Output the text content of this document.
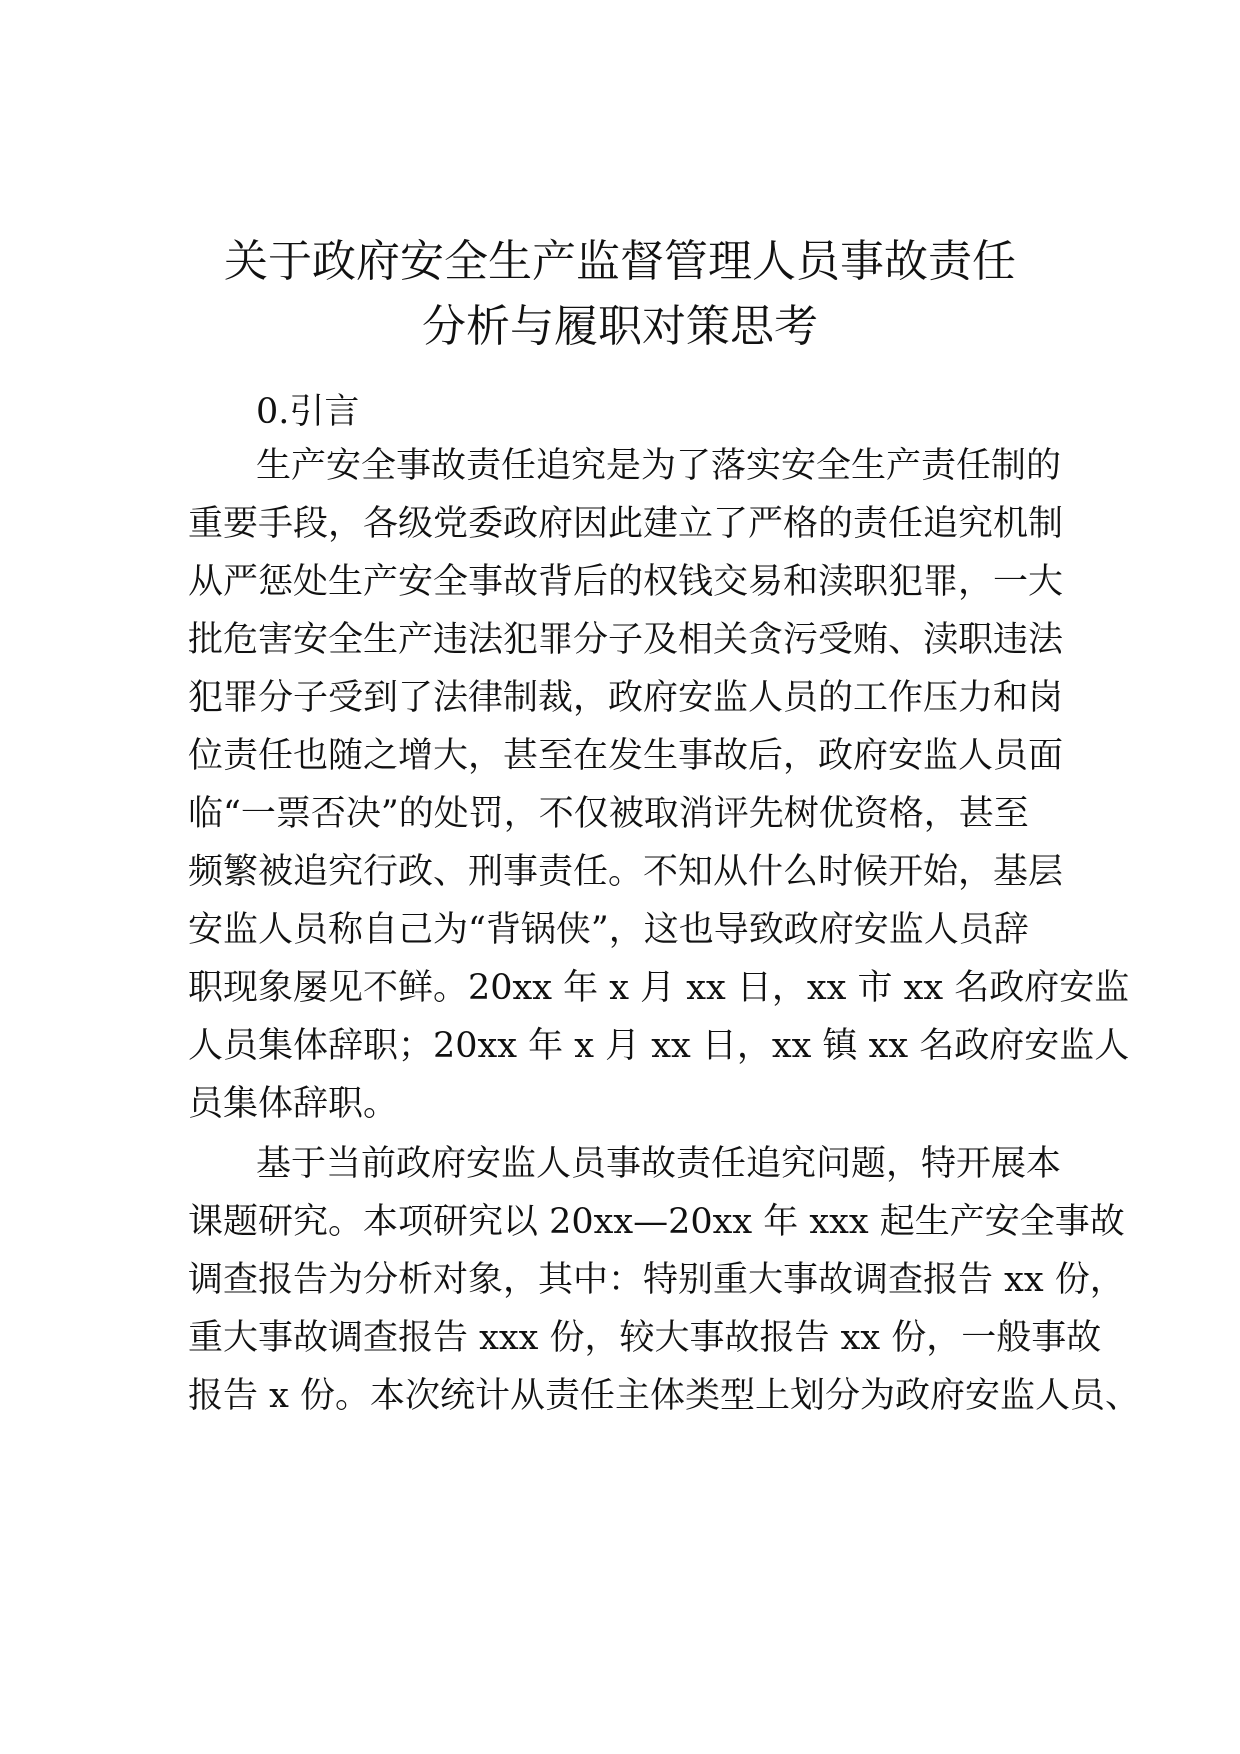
关于政府安全生产监督管理人员事故责任
分析与履职对策思考
0.引言
生产安全事故责任追究是为了落实安全生产责任制的
重要手段，各级党委政府因此建立了严格的责任追究机制
从严惩处生产安全事故背后的权钱交易和渎职犯罪，一大
批危害安全生产违法犯罪分子及相关贪污受贿、渎职违法
犯罪分子受到了法律制裁，政府安监人员的工作压力和岗
位责任也随之增大，甚至在发生事故后，政府安监人员面
临“一票否决”的处罚，不仅被取消评先树优资格，甚至
频繁被追究行政、刑事责任。不知从什么时候开始，基层
安监人员称自己为“背锅侠”，这也导致政府安监人员辞
职现象屡见不鲜。20xx 年 x 月 xx 日，xx 市 xx 名政府安监
人员集体辞职；20xx 年 x 月 xx 日，xx 镇 xx 名政府安监人
员集体辞职。
基于当前政府安监人员事故责任追究问题，特开展本
课题研究。本项研究以 20xx—20xx 年 xxx 起生产安全事故
调查报告为分析对象，其中：特别重大事故调查报告 xx 份，
重大事故调查报告 xxx 份，较大事故报告 xx 份，一般事故
报告 x 份。本次统计从责任主体类型上划分为政府安监人员、
